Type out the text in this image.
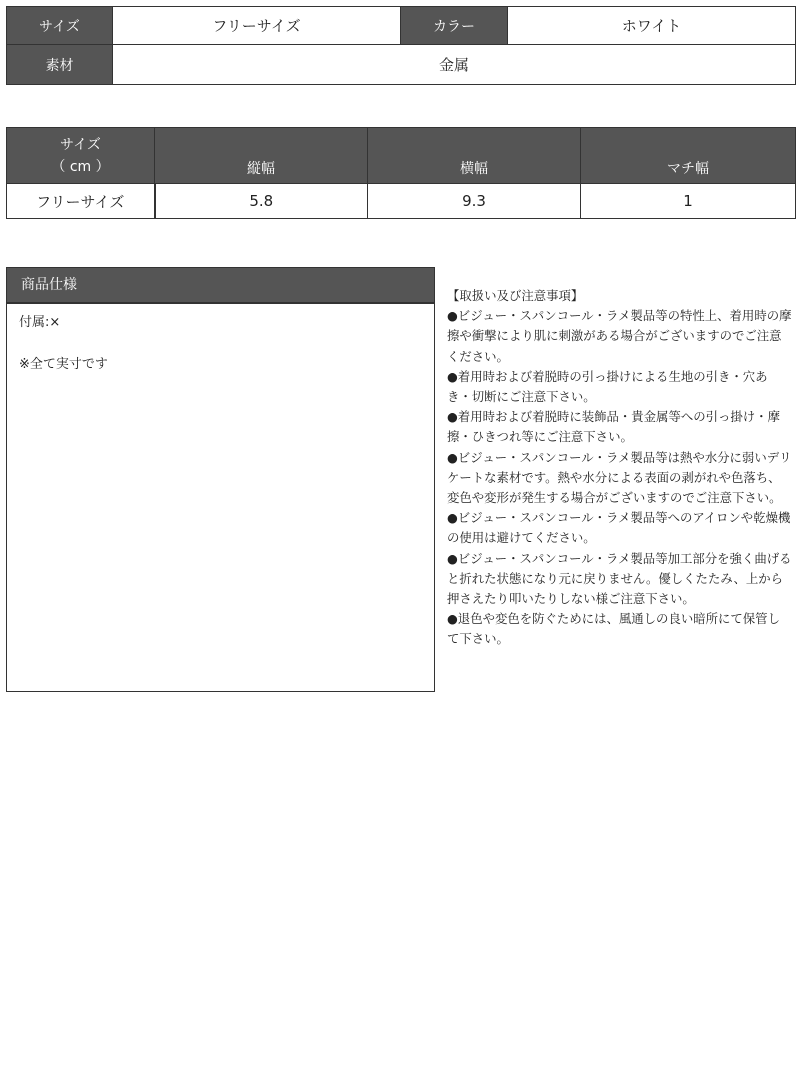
サイズ	フリーサイズ	カラー	ホワイト
素材	金属		
サイズ
（ cm ）	縦幅	横幅	マチ幅
フリーサイズ	5.8	9.3	1
商品仕様

付属:×

※全て実寸です

【取扱い及び注意事項】

●ビジュー・スパンコール・ラメ製品等の特性上、着用時の摩擦や衝撃により肌に刺激がある場合がございますのでご注意ください。

●着用時および着脱時の引っ掛けによる生地の引き・穴あき・切断にご注意下さい。

●着用時および着脱時に装飾品・貴金属等への引っ掛け・摩擦・ひきつれ等にご注意下さい。

●ビジュー・スパンコール・ラメ製品等は熱や水分に弱いデリケートな素材です。熱や水分による表面の剥がれや色落ち、変色や変形が発生する場合がございますのでご注意下さい。

●ビジュー・スパンコール・ラメ製品等へのアイロンや乾燥機の使用は避けてください。

●ビジュー・スパンコール・ラメ製品等加工部分を強く曲げると折れた状態になり元に戻りません。優しくたたみ、上から押さえたり叩いたりしない様ご注意下さい。

●退色や変色を防ぐためには、風通しの良い暗所にて保管して下さい。
